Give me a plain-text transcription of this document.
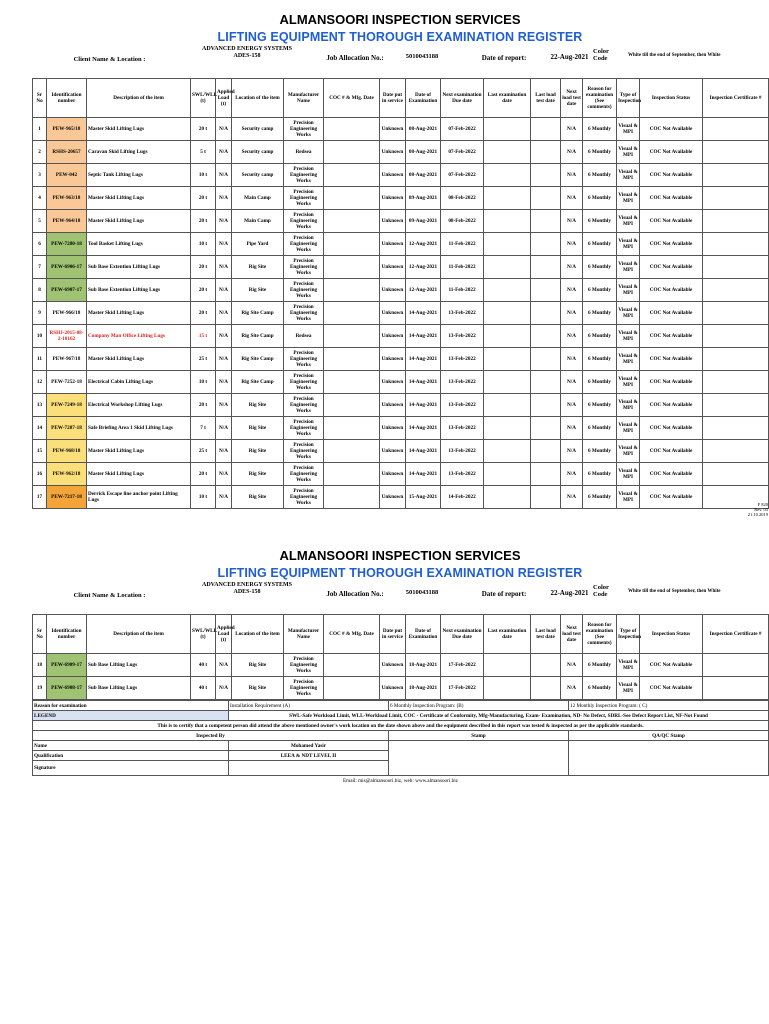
ALMANSOORI INSPECTION SERVICES
LIFTING EQUIPMENT THOROUGH EXAMINATION REGISTER
Client Name & Location :
ADVANCED ENERGY SYSTEMS
ADES-158	Job Allocation No.:	5010043188	Date of report:	22-Aug-2021
Color Code	White till the end of September, then White
Sr No	Identification number	Description of the item	SWL/WLL (t)	Applied Load (t)	Location of the item	Manufacturer Name	COC # & Mfg. Date	Date put in service	Date of Examination	Next examination Due date	Last examination date	Last load test date	Next load test date	Reason for examination (See comments)	Type of Inspection	Inspection Status	Inspection Certificate #
1	PEW-965/18	Master Skid Lifting Lugs	20 t	N/A	Security camp	Precision Engineering Works		Unknown	08-Aug-2021	07-Feb-2022			N/A	6 Monthly	Visual & MPI	COC Not Available	
2	RSHS-20657	Caravan Skid Lifting Lugs	5 t	N/A	Security camp	Redsea		Unknown	08-Aug-2021	07-Feb-2022			N/A	6 Monthly	Visual & MPI	COC Not Available	
3	PEW-042	Septic Tank Lifting Lugs	10 t	N/A	Security camp	Precision Engineering Works		Unknown	08-Aug-2021	07-Feb-2022			N/A	6 Monthly	Visual & MPI	COC Not Available	
4	PEW-963/18	Master Skid Lifting Lugs	20 t	N/A	Main Camp	Precision Engineering Works		Unknown	09-Aug-2021	08-Feb-2022			N/A	6 Monthly	Visual & MPI	COC Not Available	
5	PEW-964/18	Master Skid Lifting Lugs	20 t	N/A	Main Camp	Precision Engineering Works		Unknown	09-Aug-2021	08-Feb-2022			N/A	6 Monthly	Visual & MPI	COC Not Available	
6	PEW-7280-18	Tool Basket Lifting Lugs	10 t	N/A	Pipe Yard	Precision Engineering Works		Unknown	12-Aug-2021	11-Feb-2022			N/A	6 Monthly	Visual & MPI	COC Not Available	
7	PEW-6906-17	Sub Base Extention Lifting Lugs	20 t	N/A	Rig Site	Precision Engineering Works		Unknown	12-Aug-2021	11-Feb-2022			N/A	6 Monthly	Visual & MPI	COC Not Available	
8	PEW-6907-17	Sub Base Extention Lifting Lugs	20 t	N/A	Rig Site	Precision Engineering Works		Unknown	12-Aug-2021	11-Feb-2022			N/A	6 Monthly	Visual & MPI	COC Not Available	
9	PEW-966/18	Master Skid Lifting Lugs	20 t	N/A	Rig Site Camp	Precision Engineering Works		Unknown	14-Aug-2021	13-Feb-2022			N/A	6 Monthly	Visual & MPI	COC Not Available	
10	RSHJ-2015-08-2-10162	Company Man Office Lifting Lugs	15 t	N/A	Rig Site Camp	Redsea		Unknown	14-Aug-2021	13-Feb-2022			N/A	6 Monthly	Visual & MPI	COC Not Available	
11	PEW-967/18	Master Skid Lifting Lugs	25 t	N/A	Rig Site Camp	Precision Engineering Works		Unknown	14-Aug-2021	13-Feb-2022			N/A	6 Monthly	Visual & MPI	COC Not Available	
12	PEW-7252-18	Electrical Cabin Lifting Lugs	10 t	N/A	Rig Site Camp	Precision Engineering Works		Unknown	14-Aug-2021	13-Feb-2022			N/A	6 Monthly	Visual & MPI	COC Not Available	
13	PEW-7249-18	Electrical Workshop Lifting Lugs	20 t	N/A	Rig Site	Precision Engineering Works		Unknown	14-Aug-2021	13-Feb-2022			N/A	6 Monthly	Visual & MPI	COC Not Available	
14	PEW-7287-18	Safe Briefing Area 1 Skid Lifting Lugs	7 t	N/A	Rig Site	Precision Engineering Works		Unknown	14-Aug-2021	13-Feb-2022			N/A	6 Monthly	Visual & MPI	COC Not Available	
15	PEW-968/18	Master Skid Lifting Lugs	25 t	N/A	Rig Site	Precision Engineering Works		Unknown	14-Aug-2021	13-Feb-2022			N/A	6 Monthly	Visual & MPI	COC Not Available	
16	PEW-962/18	Master Skid Lifting Lugs	20 t	N/A	Rig Site	Precision Engineering Works		Unknown	14-Aug-2021	13-Feb-2022			N/A	6 Monthly	Visual & MPI	COC Not Available	
17	PEW-7217-18	Derrick Escape line anchor point Lifting Lugs	10 t	N/A	Rig Site	Precision Engineering Works		Unknown	15-Aug-2021	14-Feb-2022			N/A	6 Monthly	Visual & MPI	COC Not Available	
F 820
Rev. 03
21.10.2019
ALMANSOORI INSPECTION SERVICES
LIFTING EQUIPMENT THOROUGH EXAMINATION REGISTER
Client Name & Location :
ADVANCED ENERGY SYSTEMS
ADES-158	Job Allocation No.:	5010043188	Date of report:	22-Aug-2021
Color Code	White till the end of September, then White
Sr No	Identification number	Description of the item	SWL/WLL (t)	Applied Load (t)	Location of the item	Manufacturer Name	COC # & Mfg. Date	Date put in service	Date of Examination	Next examination Due date	Last examination date	Last load test date	Next load test date	Reason for examination (See comments)	Type of Inspection	Inspection Status	Inspection Certificate #
18	PEW-6909-17	Sub Base Lifting Lugs	40 t	N/A	Rig Site	Precision Engineering Works		Unknown	18-Aug-2021	17-Feb-2022			N/A	6 Monthly	Visual & MPI	COC Not Available	
19	PEW-6908-17	Sub Base Lifting Lugs	40 t	N/A	Rig Site	Precision Engineering Works		Unknown	18-Aug-2021	17-Feb-2022			N/A	6 Monthly	Visual & MPI	COC Not Available	
Reason for examination	Installation Requirement (A)	6 Monthly Inspection Program: (B)	12 Monthly Inspection Program: ( C)
LEGEND	SWL-Safe Workload Limit, WLL-Workload Limit, COC - Certificate of Conformity, Mfg-Manufacturing, Exam- Examination, ND- No Defect, SDRL-See Defect Report List, NF-Not Found		
This is to certify that a competent person did attend the above mentioned owner's work location on the date shown above and the equipment described in this report was tested & inspected as per the applicable standards.			
Inspected By		Stamp	QA/QC Stamp
Name	Mohamed Yasir		
Qualification	LEEA & NDT LEVEL II		
Signature			
Email: mis@almansoori.biz, web: www.almansoori.biz			
